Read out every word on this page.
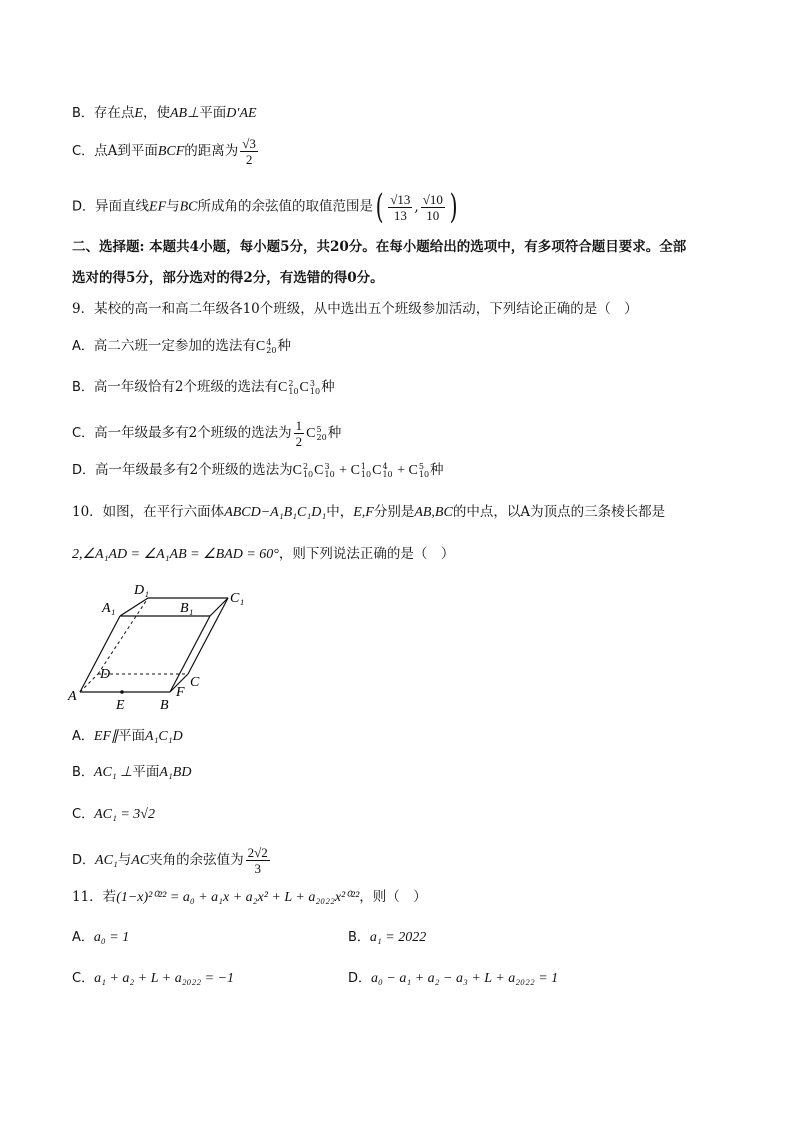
B．存在点E，使AB⊥平面D′AE
C．点A到平面BCF的距离为 $\frac{√3}{2}$
D．异面直线EF与BC所成角的余弦值的取值范围是 ( $\frac{√13}{13}$ , $\frac{√10}{10}$ )
二、选择题: 本题共4小题，每小题5分，共20分。在每小题给出的选项中，有多项符合题目要求。全部
选对的得5分，部分选对的得2分，有选错的得0分。
9．某校的高一和高二年级各10个班级，从中选出五个班级参加活动，下列结论正确的是（　）
A．高二六班一定参加的选法有C 4
20 种
B．高一年级恰有2个班级的选法有C 2
10 C 3
10 种
C．高一年级最多有2个班级的选法为 $\frac{1}{2}$ C 5
20 种
D．高一年级最多有2个班级的选法为C 2
10 C 3
10 + C 1
10 C 4
10 + C 5
10 种
10．如图，在平行六面体ABCD−A₁B₁C₁D₁中，E,F分别是AB,BC的中点，以A为顶点的三条棱长都是
2,∠A₁AD = ∠A₁AB = ∠BAD = 60°，则下列说法正确的是（　）
A
B
C
D
E
F
A₁	B₁
C₁
D₁
A．EF∥平面A₁C₁D
B．AC₁ ⊥平面A₁BD
C．AC₁ = 3√2
D．AC₁与AC夹角的余弦值为 $\frac{2√2}{3}$
11．若(1−x)²⁰²² = a₀ + a₁x + a₂x² + L + a₂₀₂₂x²⁰²²，则（　）
A．a₀ = 1	B．a₁ = 2022
C．a₁ + a₂ + L + a₂₀₂₂ = −1	D．a₀ − a₁ + a₂ − a₃ + L + a₂₀₂₂ = 1
